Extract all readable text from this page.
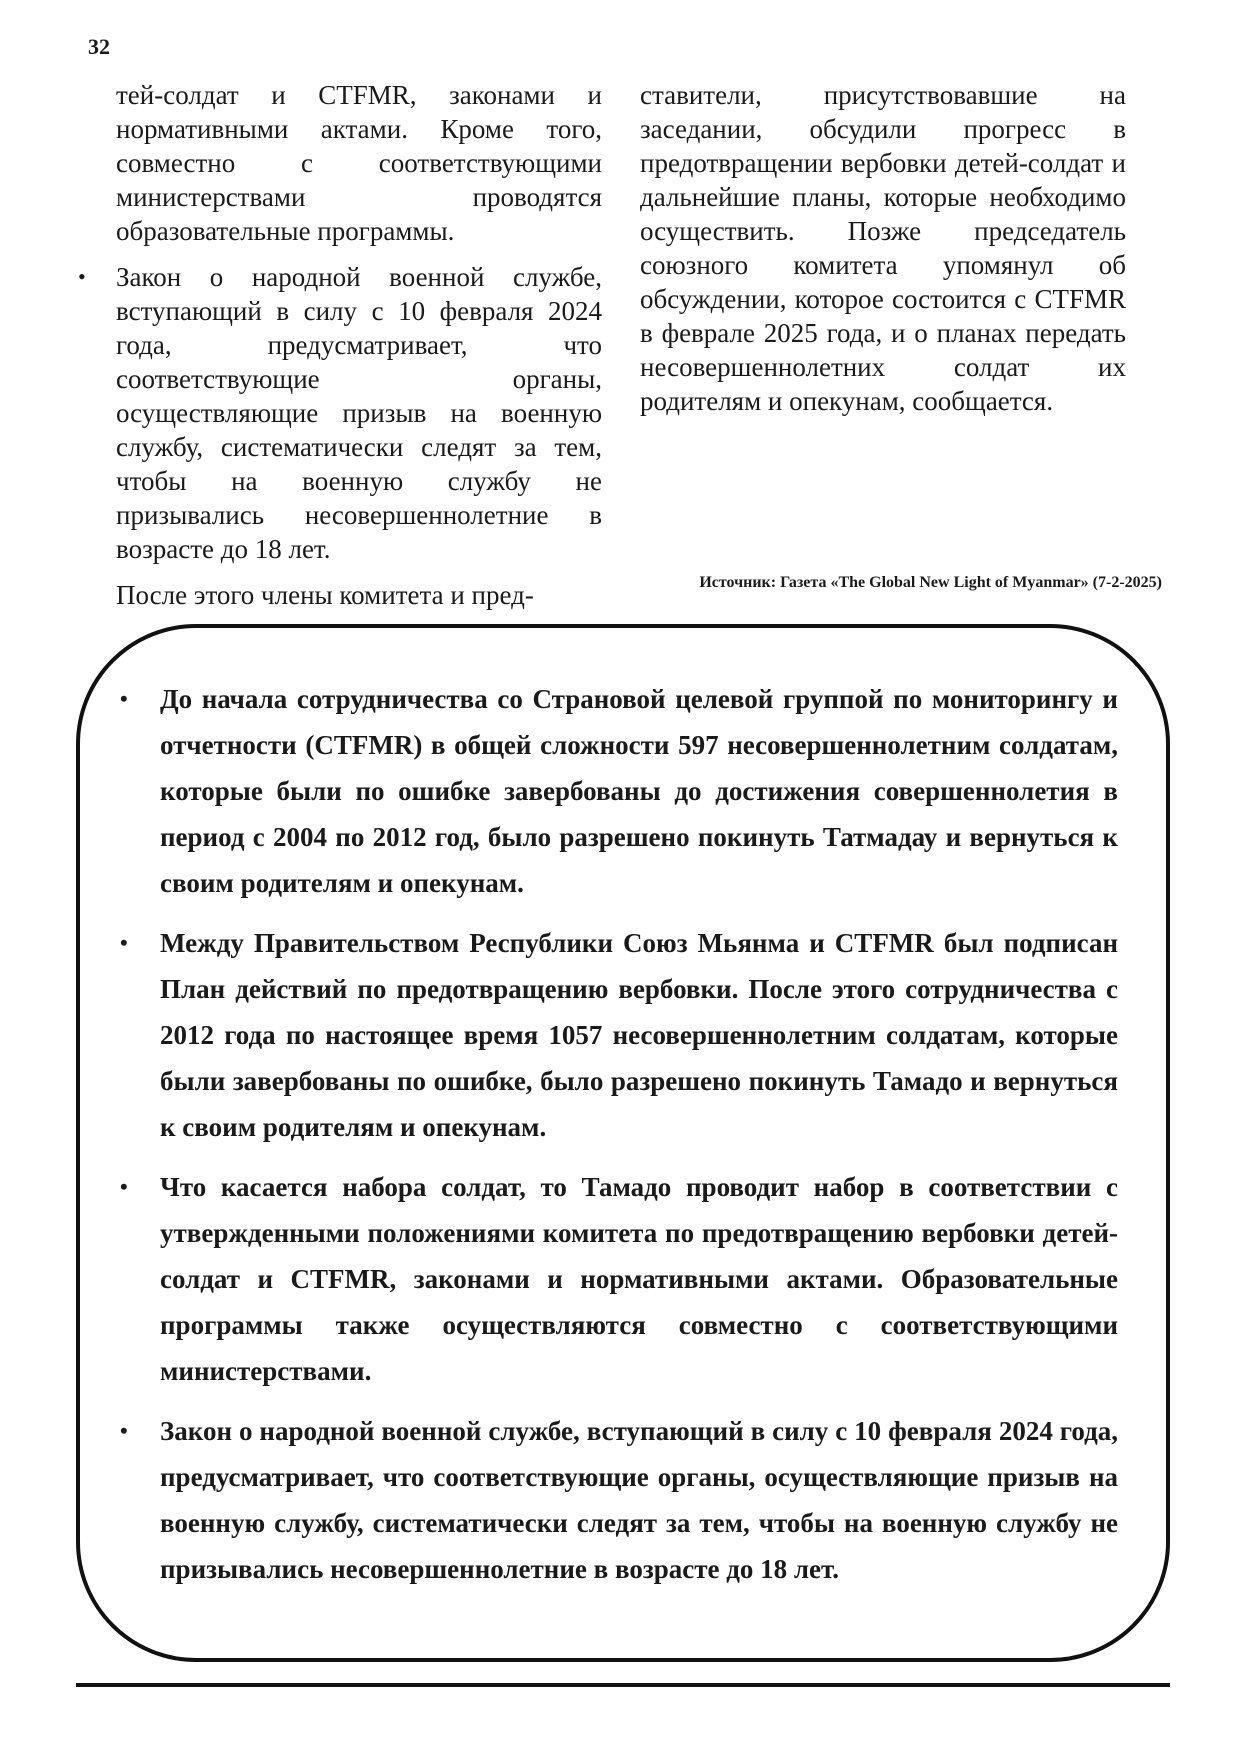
32

тей-солдат и CTFMR, законами и нормативными актами. Кроме того, совместно с соответствующими министерствами проводятся образовательные программы.

• Закон о народной военной службе, вступающий в силу с 10 февраля 2024 года, предусматривает, что соответствующие органы, осуществляющие призыв на военную службу, систематически следят за тем, чтобы на военную службу не призывались несовершеннолетние в возрасте до 18 лет.

После этого члены комитета и пред-

ставители, присутствовавшие на заседании, обсудили прогресс в предотвращении вербовки детей-солдат и дальнейшие планы, которые необходимо осуществить. Позже председатель союзного комитета упомянул об обсуждении, которое состоится с CTFMR в феврале 2025 года, и о планах передать несовершеннолетних солдат их родителям и опекунам, сообщается.

Источник: Газета «The Global New Light of Myanmar» (7-2-2025)
• До начала сотрудничества со Страновой целевой группой по мониторингу и отчетности (CTFMR) в общей сложности 597 несовершеннолетним солдатам, которые были по ошибке завербованы до достижения совершеннолетия в период с 2004 по 2012 год, было разрешено покинуть Татмадау и вернуться к своим родителям и опекунам.
• Между Правительством Республики Союз Мьянма и CTFMR был подписан План действий по предотвращению вербовки. После этого сотрудничества с 2012 года по настоящее время 1057 несовершеннолетним солдатам, которые были завербованы по ошибке, было разрешено покинуть Тамадо и вернуться к своим родителям и опекунам.
• Что касается набора солдат, то Тамадо проводит набор в соответствии с утвержденными положениями комитета по предотвращению вербовки детей-солдат и CTFMR, законами и нормативными актами. Образовательные программы также осуществляются совместно с соответствующими министерствами.
• Закон о народной военной службе, вступающий в силу с 10 февраля 2024 года, предусматривает, что соответствующие органы, осуществляющие призыв на военную службу, систематически следят за тем, чтобы на военную службу не призывались несовершеннолетние в возрасте до 18 лет.
